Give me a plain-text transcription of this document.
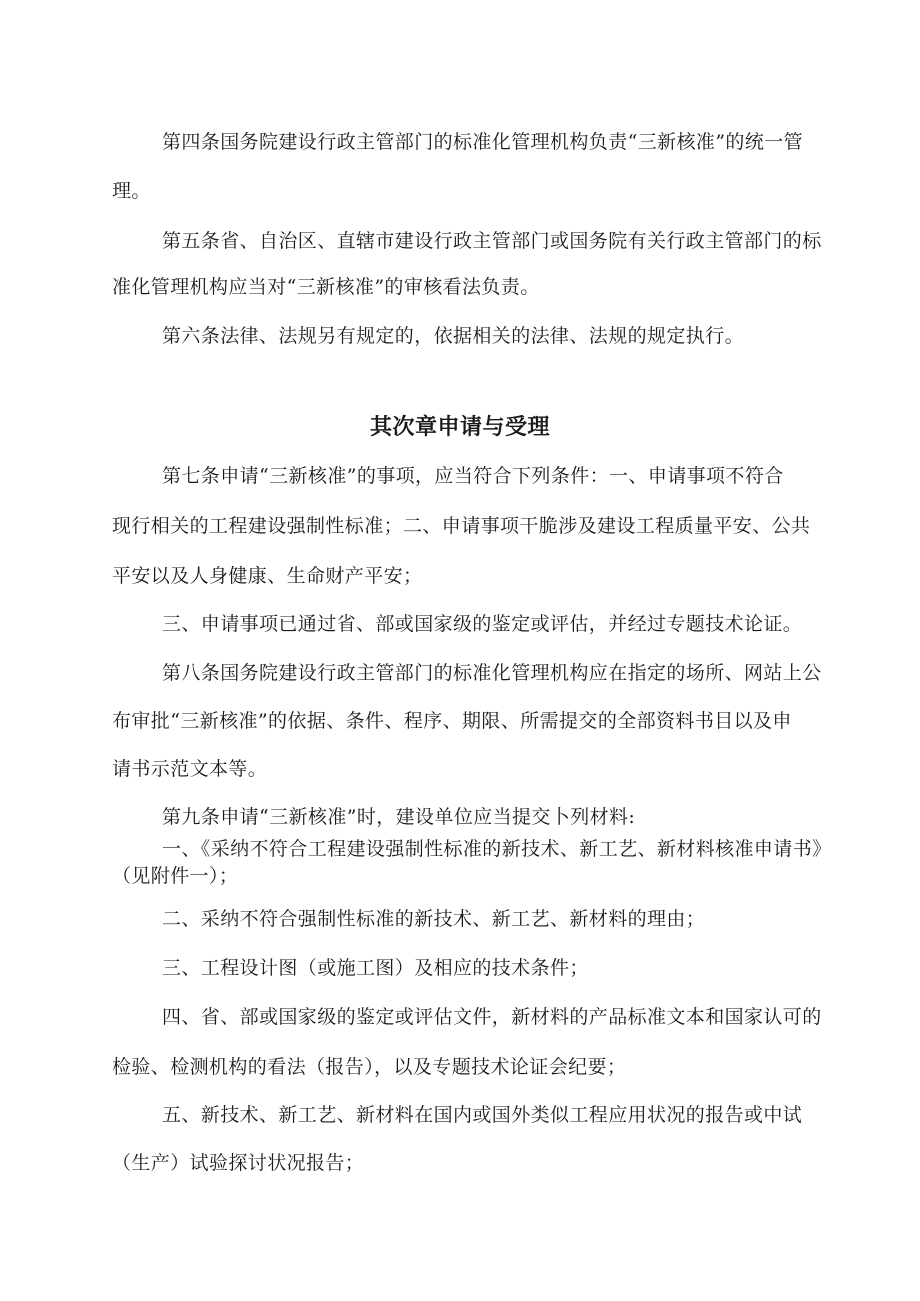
第四条国务院建设行政主管部门的标准化管理机构负责“三新核准”的统一管
理。
第五条省、自治区、直辖市建设行政主管部门或国务院有关行政主管部门的标
准化管理机构应当对“三新核准”的审核看法负责。
第六条法律、法规另有规定的，依据相关的法律、法规的规定执行。
其次章申请与受理
第七条申请“三新核准”的事项，应当符合下列条件：一、申请事项不符合
现行相关的工程建设强制性标准；二、申请事项干脆涉及建设工程质量平安、公共
平安以及人身健康、生命财产平安；
三、申请事项已通过省、部或国家级的鉴定或评估，并经过专题技术论证。
第八条国务院建设行政主管部门的标准化管理机构应在指定的场所、网站上公
布审批“三新核准”的依据、条件、程序、期限、所需提交的全部资料书目以及申
请书示范文本等。
第九条申请“三新核准”时，建设单位应当提交卜列材料:
一、《采纳不符合工程建设强制性标准的新技术、新工艺、新材料核准申请书》
（见附件一）；
二、采纳不符合强制性标准的新技术、新工艺、新材料的理由；
三、工程设计图（或施工图）及相应的技术条件；
四、省、部或国家级的鉴定或评估文件，新材料的产品标准文本和国家认可的
检验、检测机构的看法（报告），以及专题技术论证会纪要；
五、新技术、新工艺、新材料在国内或国外类似工程应用状况的报告或中试
（生产）试验探讨状况报告；
